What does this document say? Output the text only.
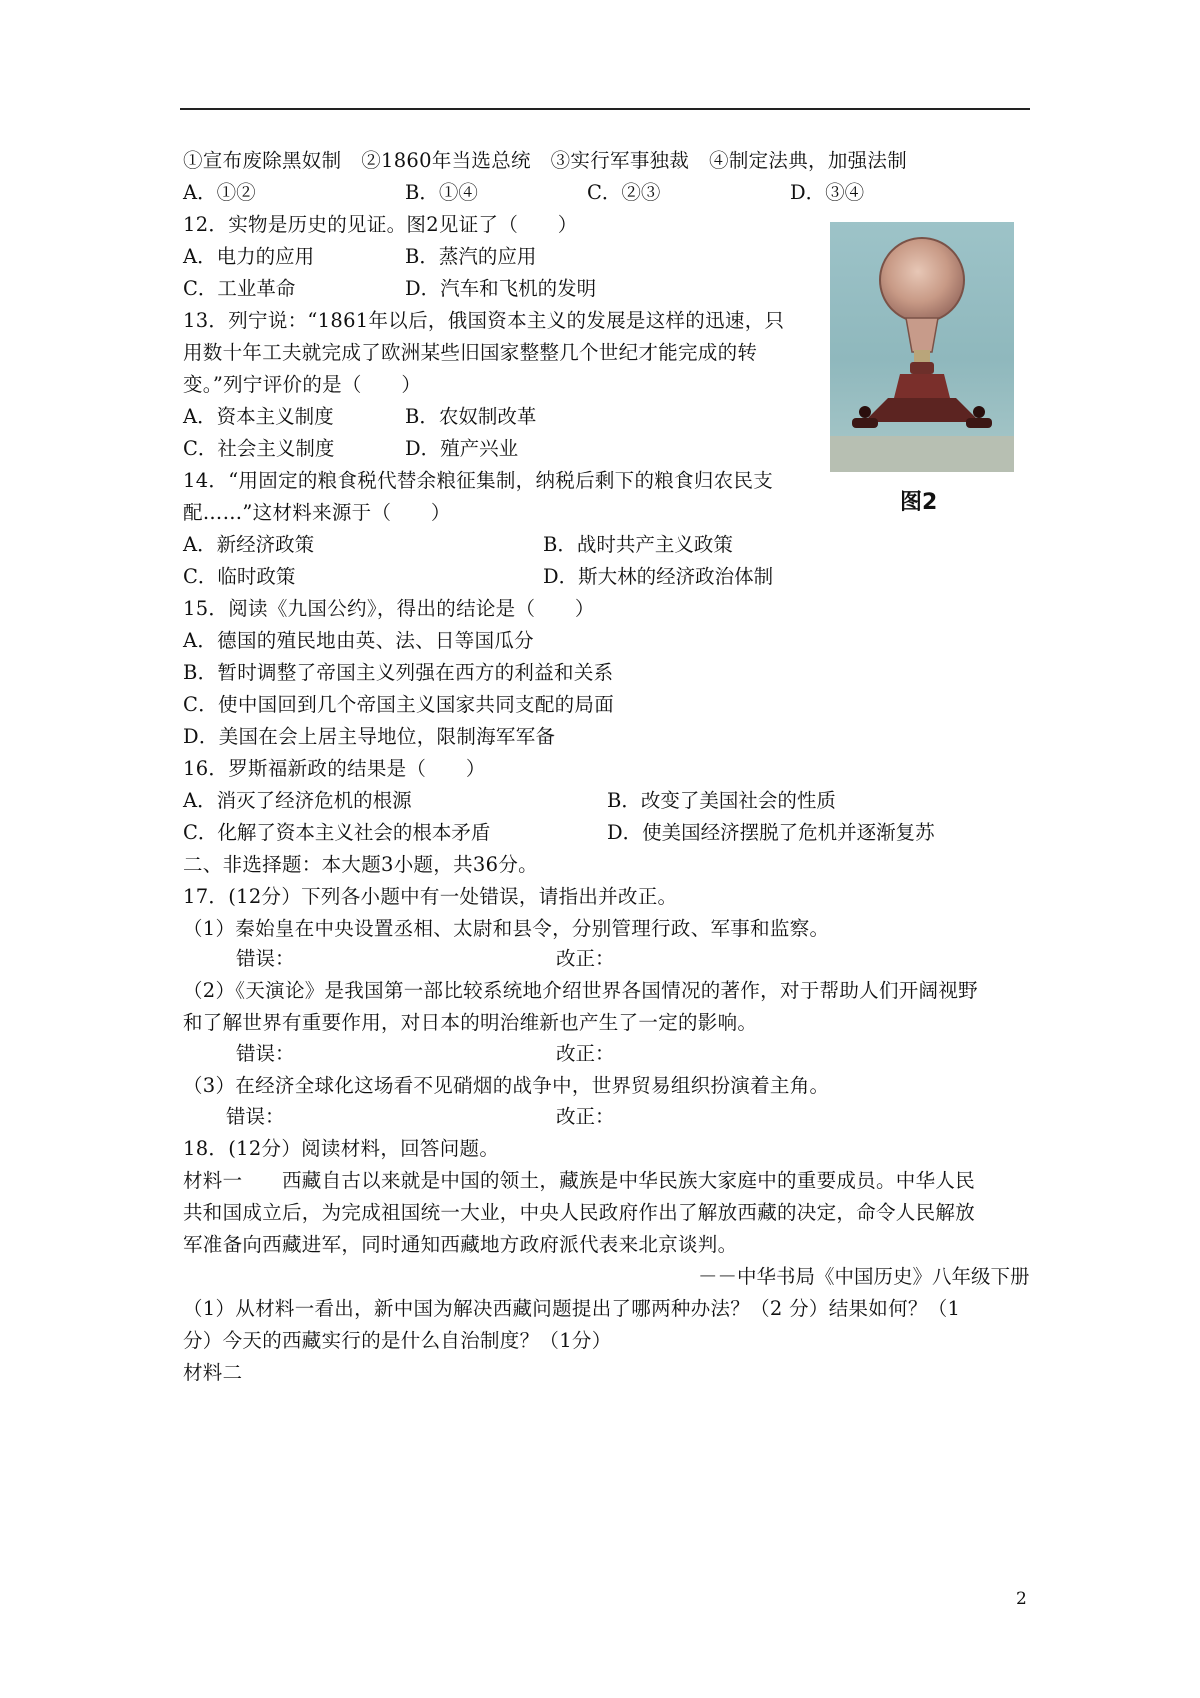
①宣布废除黑奴制　②1860年当选总统　③实行军事独裁　④制定法典，加强法制
A．①②	B．①④	C．②③	D．③④
12．实物是历史的见证。图2见证了（　　）
A．电力的应用	B．蒸汽的应用
C．工业革命	D．汽车和飞机的发明
图2
13．列宁说：“1861年以后，俄国资本主义的发展是这样的迅速，只
用数十年工夫就完成了欧洲某些旧国家整整几个世纪才能完成的转
变。”列宁评价的是（　　）
A．资本主义制度	B．农奴制改革
C．社会主义制度	D．殖产兴业
14．“用固定的粮食税代替余粮征集制，纳税后剩下的粮食归农民支
配……”这材料来源于（　　）
A．新经济政策	B．战时共产主义政策
C．临时政策	D．斯大林的经济政治体制
15．阅读《九国公约》，得出的结论是（　　）
A．德国的殖民地由英、法、日等国瓜分
B．暂时调整了帝国主义列强在西方的利益和关系
C．使中国回到几个帝国主义国家共同支配的局面
D．美国在会上居主导地位，限制海军军备
16．罗斯福新政的结果是（　　）
A．消灭了经济危机的根源	B．改变了美国社会的性质
C．化解了资本主义社会的根本矛盾	D．使美国经济摆脱了危机并逐渐复苏
二、非选择题：本大题3小题，共36分。
17．(12分）下列各小题中有一处错误，请指出并改正。
（1）秦始皇在中央设置丞相、太尉和县令，分别管理行政、军事和监察。
错误：	改正：
（2）《天演论》是我国第一部比较系统地介绍世界各国情况的著作，对于帮助人们开阔视野
和了解世界有重要作用，对日本的明治维新也产生了一定的影响。
错误：	改正：
（3）在经济全球化这场看不见硝烟的战争中，世界贸易组织扮演着主角。
错误：	改正：
18．(12分）阅读材料，回答问题。
材料一　　西藏自古以来就是中国的领土，藏族是中华民族大家庭中的重要成员。中华人民
共和国成立后，为完成祖国统一大业，中央人民政府作出了解放西藏的决定，命令人民解放
军准备向西藏进军，同时通知西藏地方政府派代表来北京谈判。
－－中华书局《中国历史》八年级下册
（1）从材料一看出，新中国为解决西藏问题提出了哪两种办法？（2 分）结果如何？（1
分）今天的西藏实行的是什么自治制度？（1分）
材料二
2
